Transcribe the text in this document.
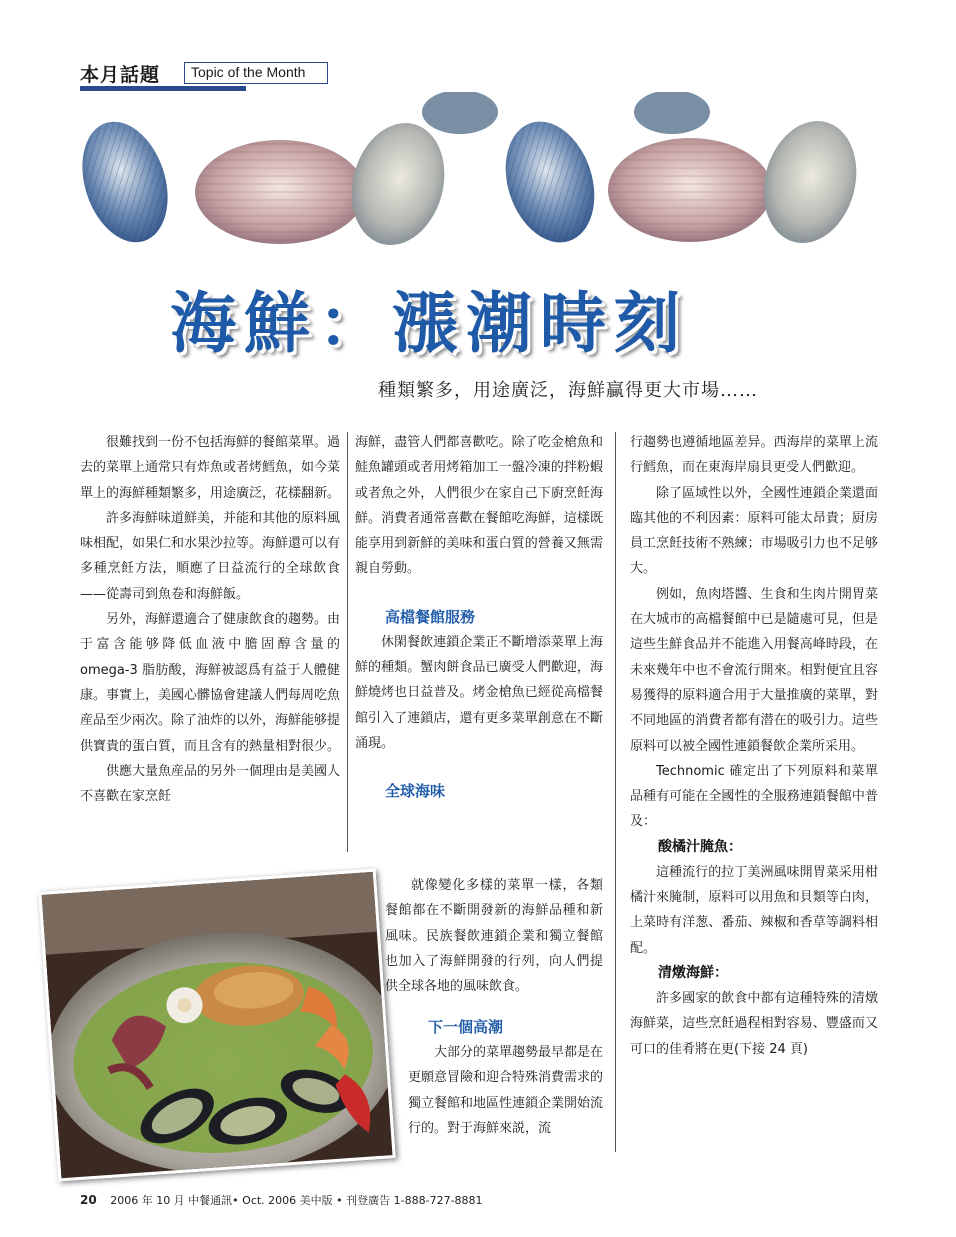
本月話題	Topic of the Month
海鮮：漲潮時刻
種類繁多，用途廣泛，海鮮贏得更大市場……

很難找到一份不包括海鮮的餐館菜單。過去的菜單上通常只有炸魚或者烤鱈魚，如今菜單上的海鮮種類繁多，用途廣泛，花樣翻新。

許多海鮮味道鮮美，并能和其他的原料風味相配，如果仁和水果沙拉等。海鮮還可以有多種烹飪方法，順應了日益流行的全球飲食——從壽司到魚卷和海鮮飯。

另外，海鮮還適合了健康飲食的趨勢。由于富含能够降低血液中膽固醇含量的 omega-3 脂肪酸，海鮮被認爲有益于人體健康。事實上，美國心髒協會建議人們每周吃魚産品至少兩次。除了油炸的以外，海鮮能够提供寶貴的蛋白質，而且含有的熱量相對很少。

供應大量魚産品的另外一個理由是美國人不喜歡在家烹飪

海鮮，盡管人們都喜歡吃。除了吃金槍魚和鮭魚罐頭或者用烤箱加工一盤冷凍的拌粉蝦或者魚之外，人們很少在家自己下廚烹飪海鮮。消費者通常喜歡在餐館吃海鮮，這樣既能享用到新鮮的美味和蛋白質的營養又無需親自勞動。

高檔餐館服務

休閑餐飲連鎖企業正不斷增添菜單上海鮮的種類。蟹肉餅食品已廣受人們歡迎，海鮮燒烤也日益普及。烤金槍魚已經從高檔餐館引入了連鎖店，還有更多菜單創意在不斷涌現。

全球海味

就像變化多樣的菜單一樣，各類餐館都在不斷開發新的海鮮品種和新風味。民族餐飲連鎖企業和獨立餐館也加入了海鮮開發的行列，向人們提供全球各地的風味飲食。

下一個高潮

大部分的菜單趨勢最早都是在更願意冒險和迎合特殊消費需求的獨立餐館和地區性連鎖企業開始流行的。對于海鮮來説，流

行趨勢也遵循地區差异。西海岸的菜單上流行鱈魚，而在東海岸扇貝更受人們歡迎。

除了區域性以外，全國性連鎖企業還面臨其他的不利因素：原料可能太昂貴；厨房員工烹飪技術不熟練；市場吸引力也不足够大。

例如，魚肉塔醬、生食和生肉片開胃菜在大城市的高檔餐館中已是隨處可見，但是這些生鮮食品并不能進入用餐高峰時段，在未來幾年中也不會流行開來。相對便宜且容易獲得的原料適合用于大量推廣的菜單，對不同地區的消費者都有潜在的吸引力。這些原料可以被全國性連鎖餐飲企業所采用。

Technomic 確定出了下列原料和菜單品種有可能在全國性的全服務連鎖餐館中普及：

酸橘汁腌魚：

這種流行的拉丁美洲風味開胃菜采用柑橘汁來腌制，原料可以用魚和貝類等白肉，上菜時有洋葱、番茄、辣椒和香草等調料相配。

清燉海鮮：

許多國家的飲食中都有這種特殊的清燉海鮮菜，這些烹飪過程相對容易、豐盛而又可口的佳肴將在更(下接 24 頁)

20 2006 年 10 月 中餐通訊• Oct. 2006 美中版 • 刊登廣告 1-888-727-8881
